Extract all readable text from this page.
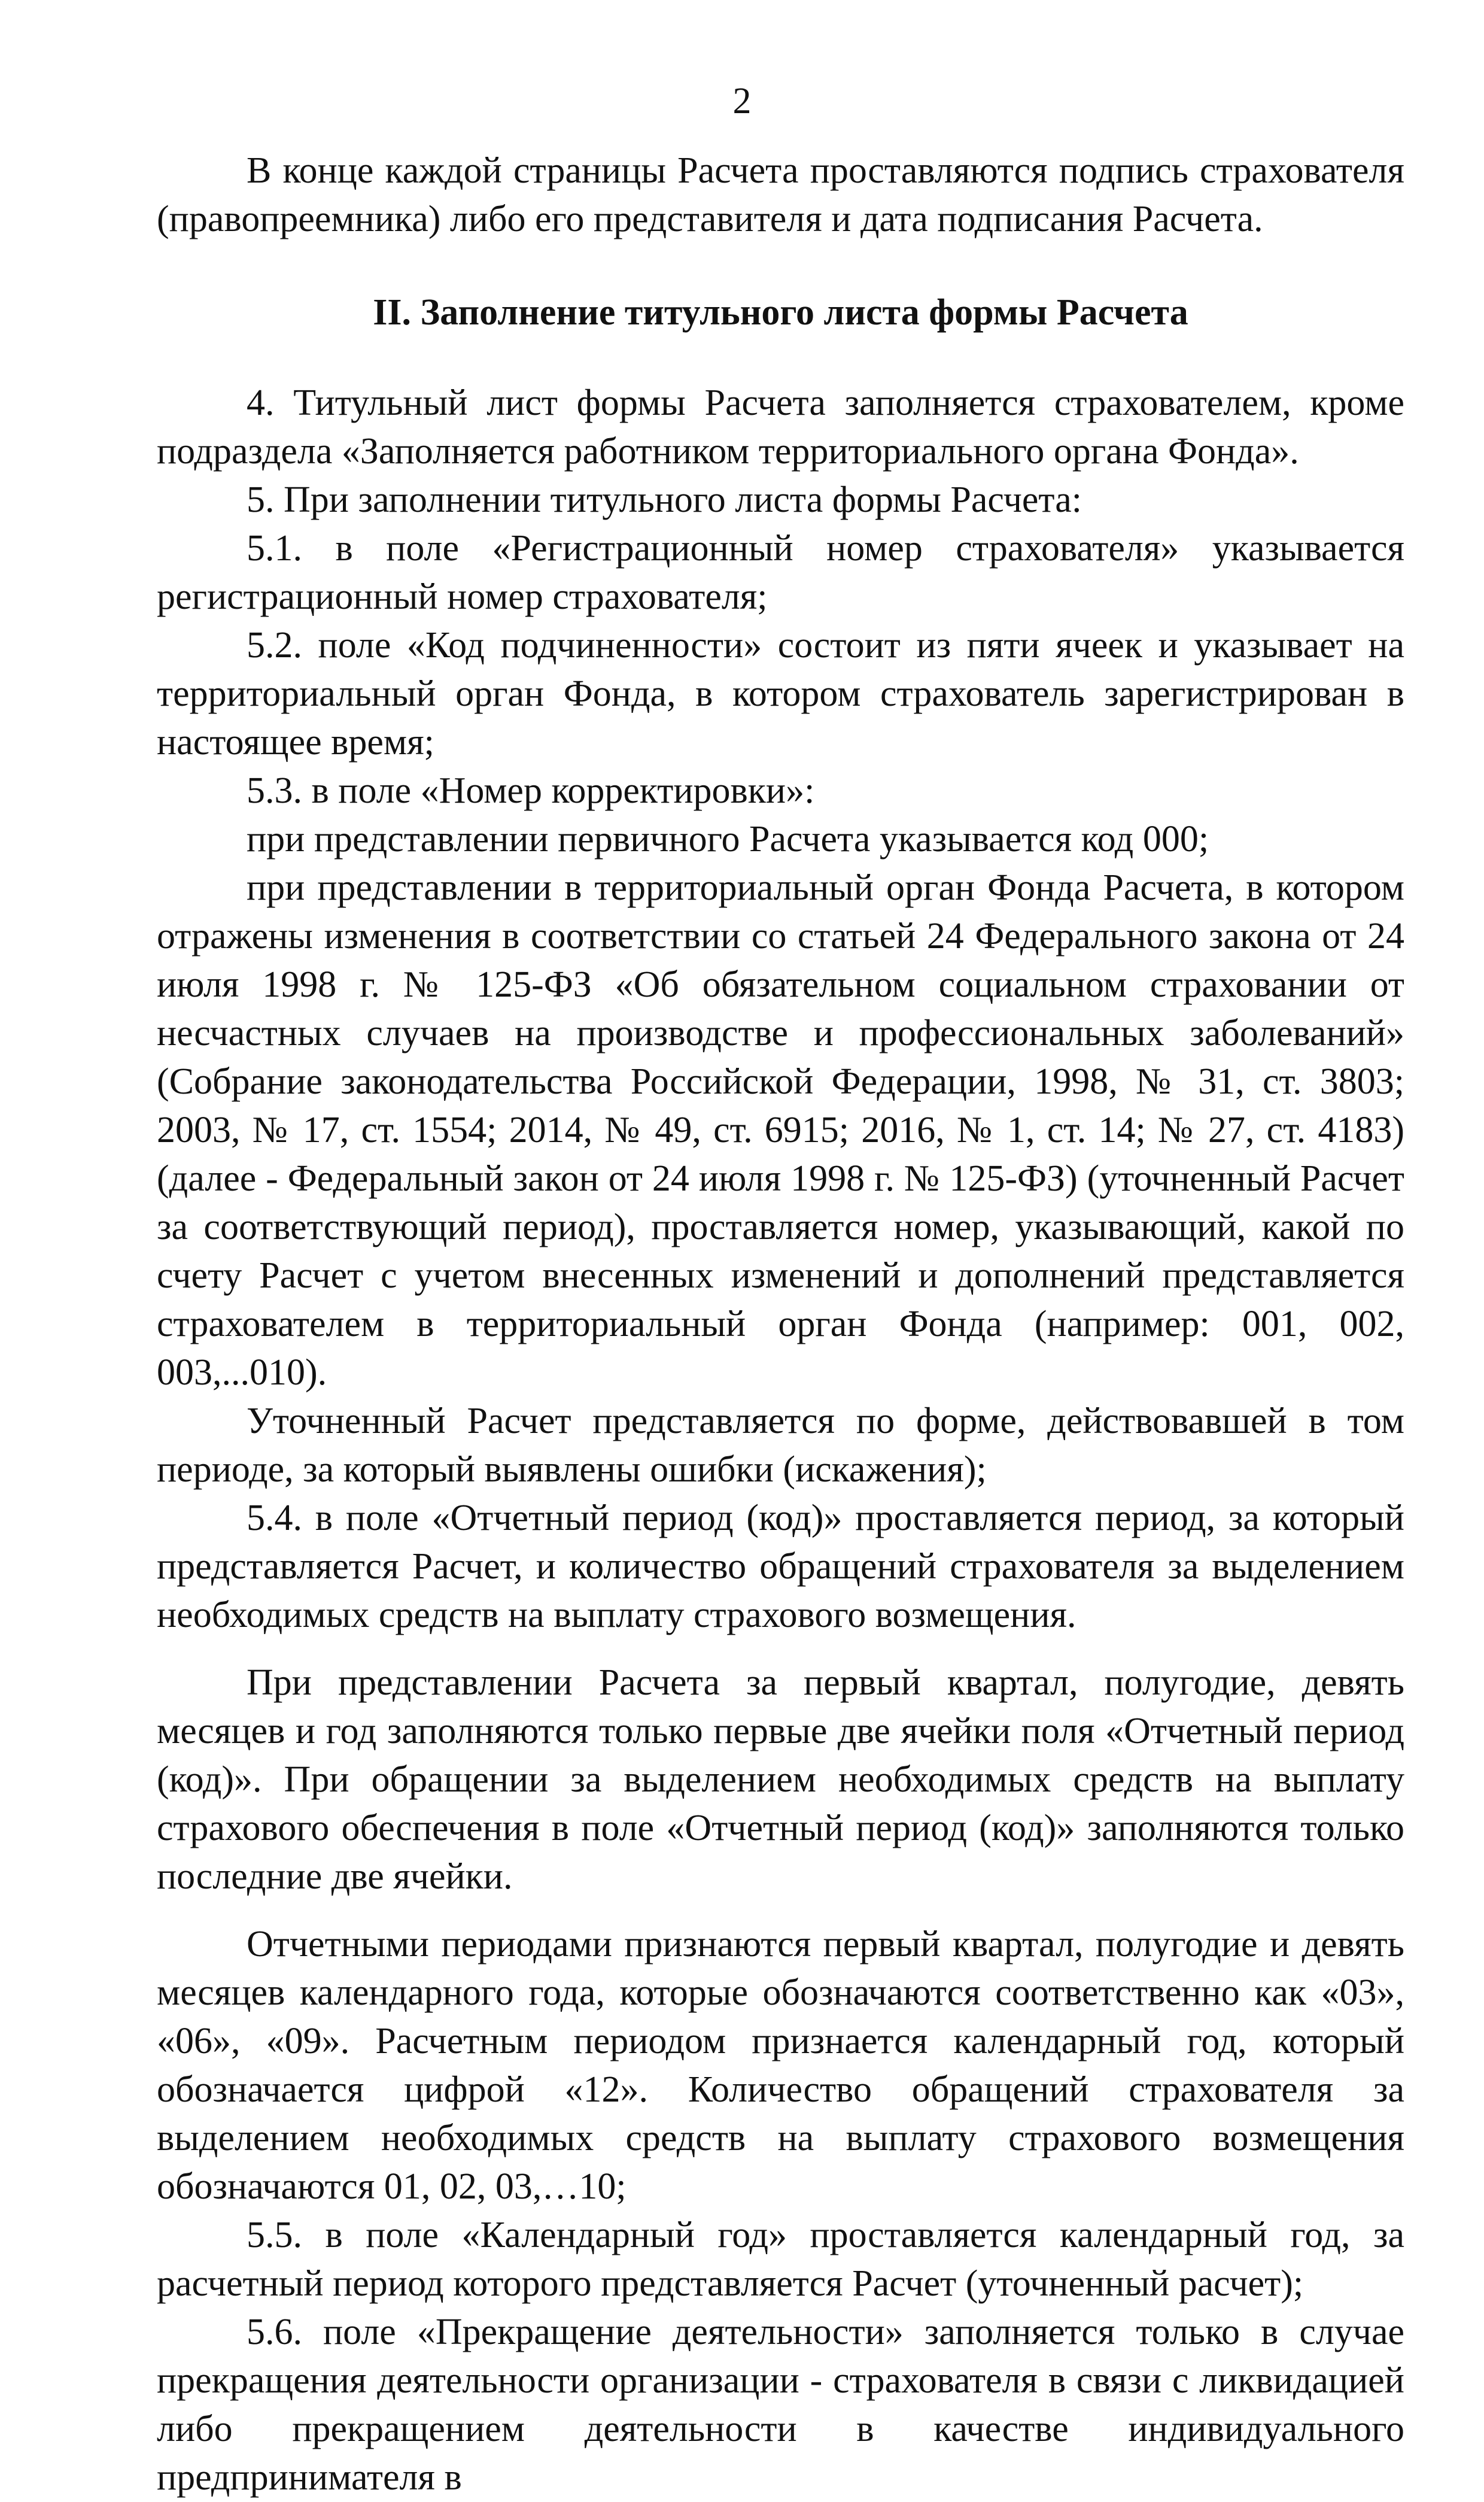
2

В конце каждой страницы Расчета проставляются подпись страхователя (правопреемника) либо его представителя и дата подписания Расчета.

II. Заполнение титульного листа формы Расчета

4. Титульный лист формы Расчета заполняется страхователем, кроме подраздела «Заполняется работником территориального органа Фонда».

5. При заполнении титульного листа формы Расчета:

5.1. в поле «Регистрационный номер страхователя» указывается регистрационный номер страхователя;

5.2. поле «Код подчиненности» состоит из пяти ячеек и указывает на территориальный орган Фонда, в котором страхователь зарегистрирован в настоящее время;

5.3. в поле «Номер корректировки»:

при представлении первичного Расчета указывается код 000;

при представлении в территориальный орган Фонда Расчета, в котором отражены изменения в соответствии со статьей 24 Федерального закона от 24 июля 1998 г. № 125-ФЗ «Об обязательном социальном страховании от несчастных случаев на производстве и профессиональных заболеваний» (Собрание законодательства Российской Федерации, 1998, № 31, ст. 3803; 2003, № 17, ст. 1554; 2014, № 49, ст. 6915; 2016, № 1, ст. 14; № 27, ст. 4183) (далее - Федеральный закон от 24 июля 1998 г. № 125-ФЗ) (уточненный Расчет за соответствующий период), проставляется номер, указывающий, какой по счету Расчет с учетом внесенных изменений и дополнений представляется страхователем в территориальный орган Фонда (например: 001, 002, 003,...010).

Уточненный Расчет представляется по форме, действовавшей в том периоде, за который выявлены ошибки (искажения);

5.4. в поле «Отчетный период (код)» проставляется период, за который представляется Расчет, и количество обращений страхователя за выделением необходимых средств на выплату страхового возмещения.

При представлении Расчета за первый квартал, полугодие, девять месяцев и год заполняются только первые две ячейки поля «Отчетный период (код)». При обращении за выделением необходимых средств на выплату страхового обеспечения в поле «Отчетный период (код)» заполняются только последние две ячейки.

Отчетными периодами признаются первый квартал, полугодие и девять месяцев календарного года, которые обозначаются соответственно как «03», «06», «09». Расчетным периодом признается календарный год, который обозначается цифрой «12». Количество обращений страхователя за выделением необходимых средств на выплату страхового возмещения обозначаются 01, 02, 03,…10;

5.5. в поле «Календарный год» проставляется календарный год, за расчетный период которого представляется Расчет (уточненный расчет);

5.6. поле «Прекращение деятельности» заполняется только в случае прекращения деятельности организации - страхователя в связи с ликвидацией либо прекращением деятельности в качестве индивидуального предпринимателя в
